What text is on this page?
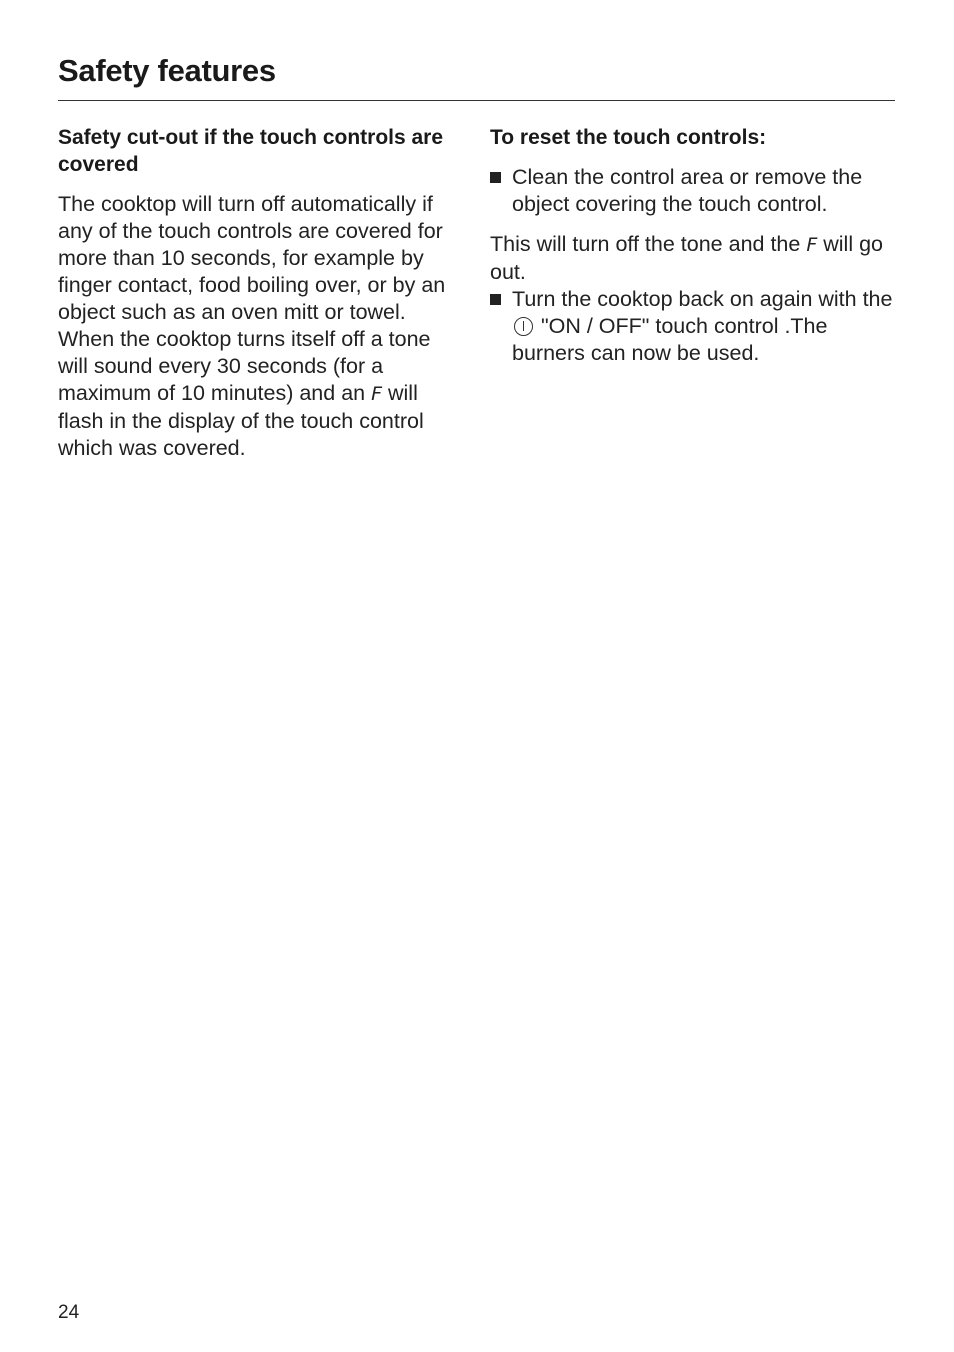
Safety features

Safety cut-out if the touch controls are covered

The cooktop will turn off automatically if any of the touch controls are covered for more than 10 seconds, for example by finger contact, food boiling over, or by an object such as an oven mitt or towel.

When the cooktop turns itself off a tone will sound every 30 seconds (for a maximum of 10 minutes) and an F will flash in the display of the touch control which was covered.

To reset the touch controls:

Clean the control area or remove the object covering the touch control.

This will turn off the tone and the F will go out.

Turn the cooktop back on again with the  "ON / OFF" touch control .The burners can now be used.
24
